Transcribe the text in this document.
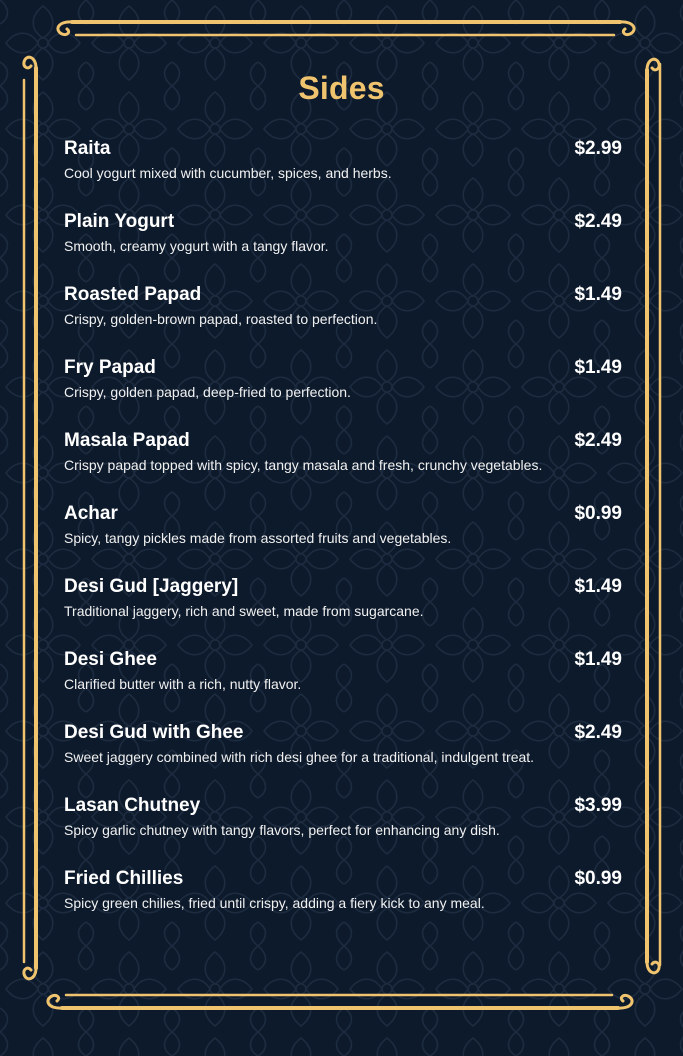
Sides
Raita	$2.99
Cool yogurt mixed with cucumber, spices, and herbs.
Plain Yogurt	$2.49
Smooth, creamy yogurt with a tangy flavor.
Roasted Papad	$1.49
Crispy, golden-brown papad, roasted to perfection.
Fry Papad	$1.49
Crispy, golden papad, deep-fried to perfection.
Masala Papad	$2.49
Crispy papad topped with spicy, tangy masala and fresh, crunchy vegetables.
Achar	$0.99
Spicy, tangy pickles made from assorted fruits and vegetables.
Desi Gud [Jaggery]	$1.49
Traditional jaggery, rich and sweet, made from sugarcane.
Desi Ghee	$1.49
Clarified butter with a rich, nutty flavor.
Desi Gud with Ghee	$2.49
Sweet jaggery combined with rich desi ghee for a traditional, indulgent treat.
Lasan Chutney	$3.99
Spicy garlic chutney with tangy flavors, perfect for enhancing any dish.
Fried Chillies	$0.99
Spicy green chilies, fried until crispy, adding a fiery kick to any meal.
